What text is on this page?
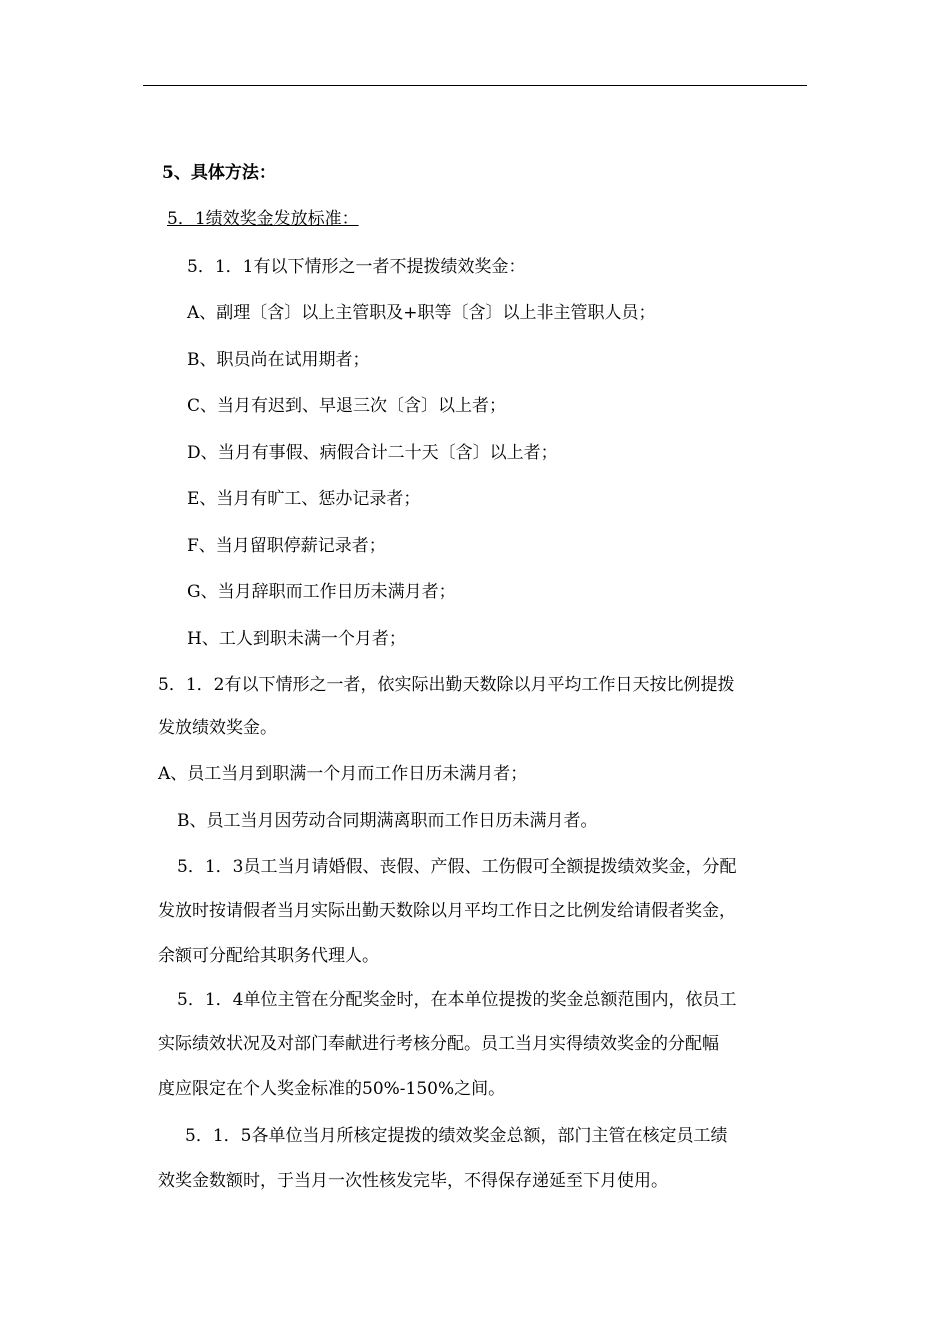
5、具体方法：
5．1绩效奖金发放标准：
5．1．1有以下情形之一者不提拨绩效奖金：
A、副理〔含〕以上主管职及+职等〔含〕以上非主管职人员；
B、职员尚在试用期者；
C、当月有迟到、早退三次〔含〕以上者；
D、当月有事假、病假合计二十天〔含〕以上者；
E、当月有旷工、惩办记录者；
F、当月留职停薪记录者；
G、当月辞职而工作日历未满月者；
H、工人到职未满一个月者；
5．1．2有以下情形之一者，依实际出勤天数除以月平均工作日天按比例提拨
发放绩效奖金。
A、员工当月到职满一个月而工作日历未满月者；
B、员工当月因劳动合同期满离职而工作日历未满月者。
5．1．3员工当月请婚假、丧假、产假、工伤假可全额提拨绩效奖金，分配
发放时按请假者当月实际出勤天数除以月平均工作日之比例发给请假者奖金，
余额可分配给其职务代理人。
5．1．4单位主管在分配奖金时，在本单位提拨的奖金总额范围内，依员工
实际绩效状况及对部门奉献进行考核分配。员工当月实得绩效奖金的分配幅
度应限定在个人奖金标准的50%-150%之间。
5．1．5各单位当月所核定提拨的绩效奖金总额，部门主管在核定员工绩
效奖金数额时，于当月一次性核发完毕，不得保存递延至下月使用。
